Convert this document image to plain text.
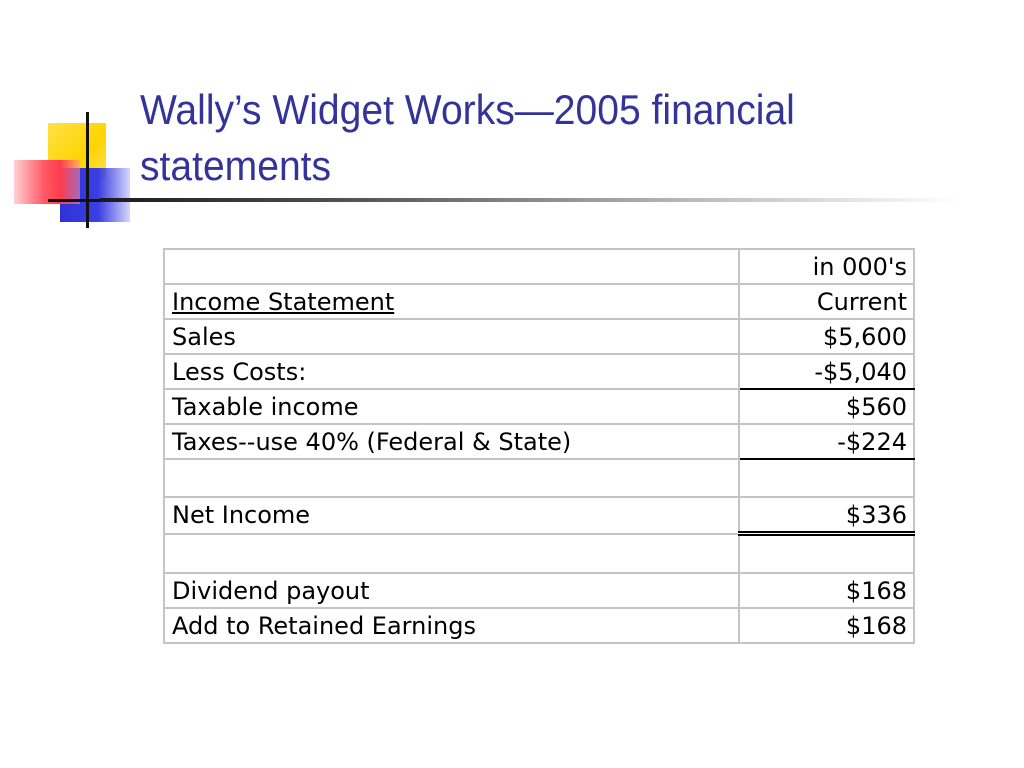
Wally’s Widget Works—2005 financial
statements
	in 000's
Income Statement	Current
Sales	$5,600
Less Costs:	-$5,040
Taxable income	$560
Taxes--use 40% (Federal & State)	-$224

Net Income	$336

Dividend payout	$168
Add to Retained Earnings	$168
